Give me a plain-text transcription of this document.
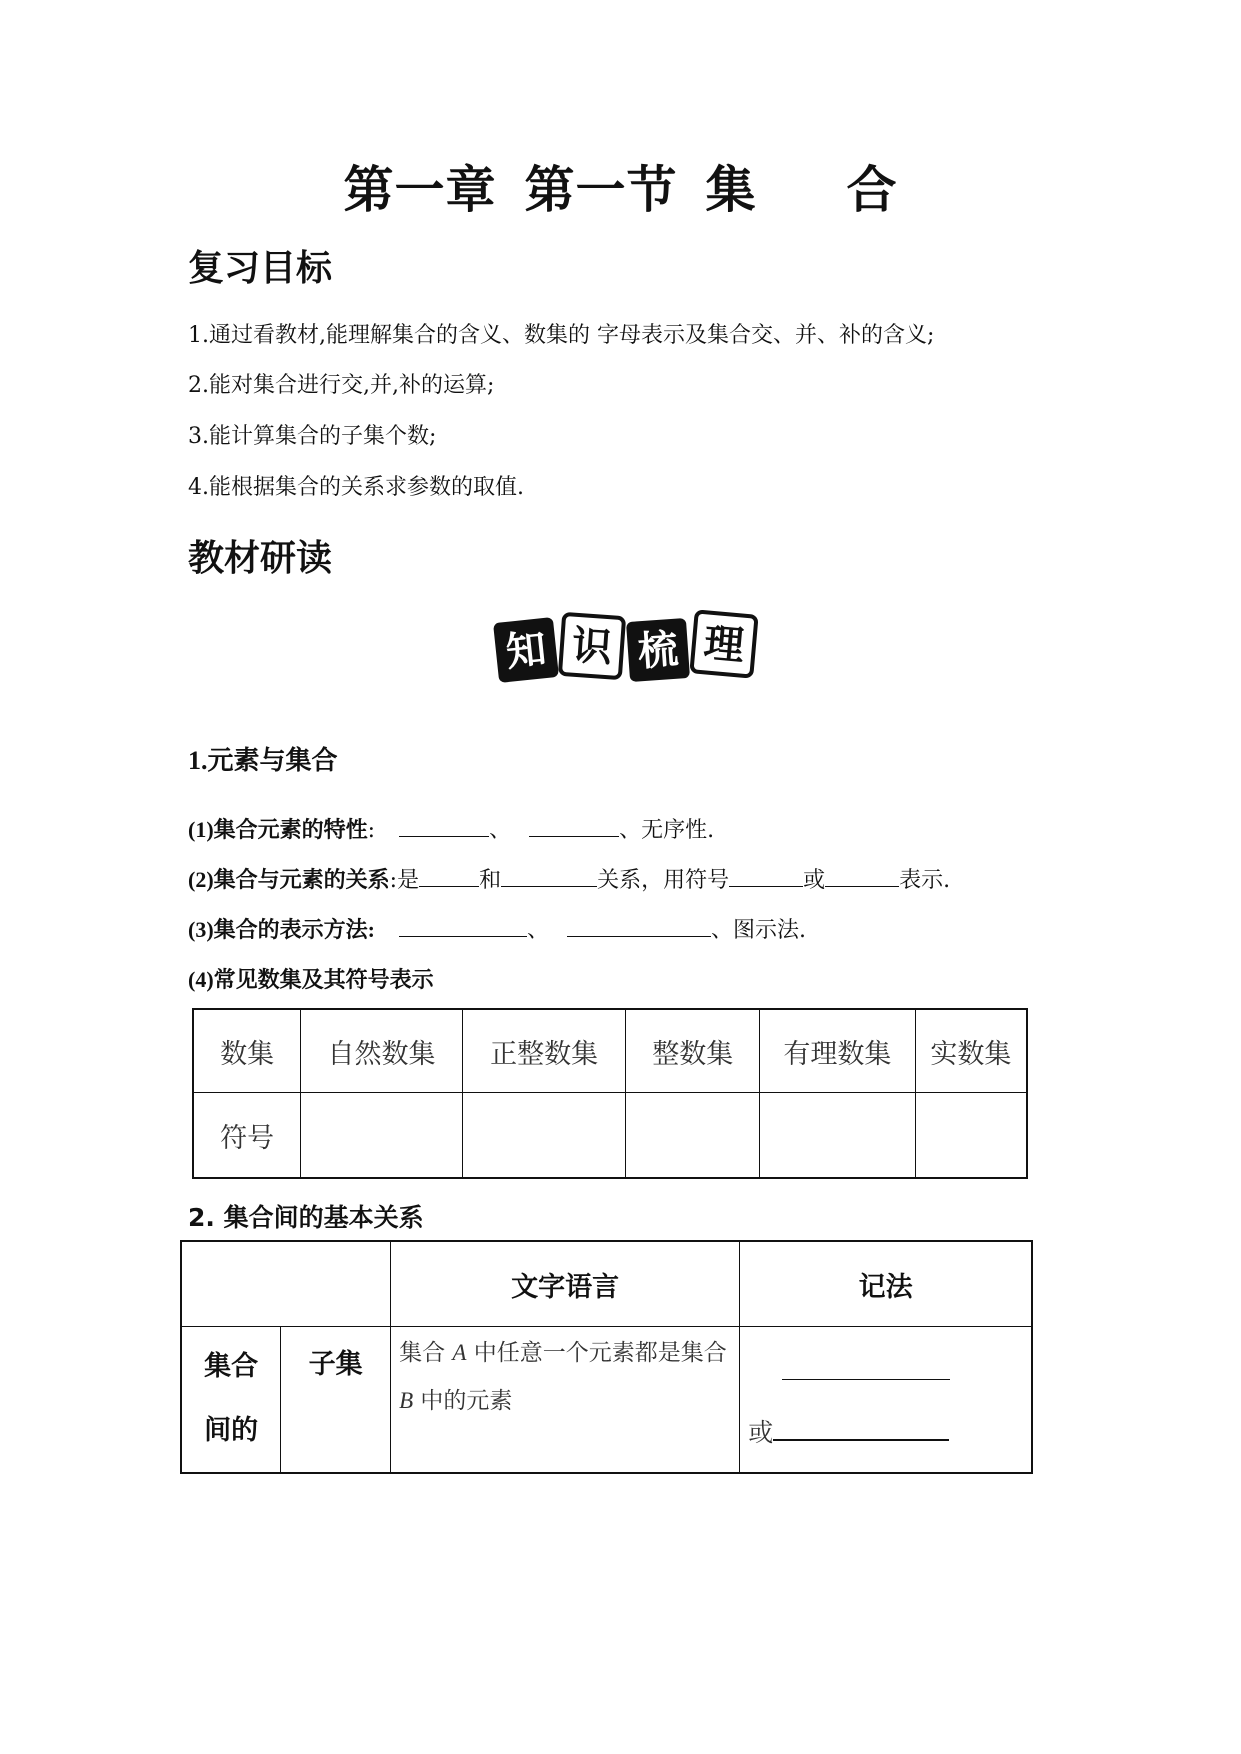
第一章 第一节 集 合
复习目标
1.通过看教材,能理解集合的含义、数集的 字母表示及集合交、并、补的含义;
2.能对集合进行交,并,补的运算;
3.能计算集合的子集个数;
4.能根据集合的关系求参数的取值.
教材研读
知 识 梳 理
1.元素与集合
(1)集合元素的特性:	、	、无序性.
(2)集合与元素的关系:是	和	关系，用符号	或	表示.
(3)集合的表示方法:	、	、图示法.
(4)常见数集及其符号表示
数集	自然数集	正整数集	整数集	有理数集	实数集
符号					
2. 集合间的基本关系
		文字语言	记法

集合
间的	子集	集合 A 中任意一个元素都是集合 B 中的元素	或
